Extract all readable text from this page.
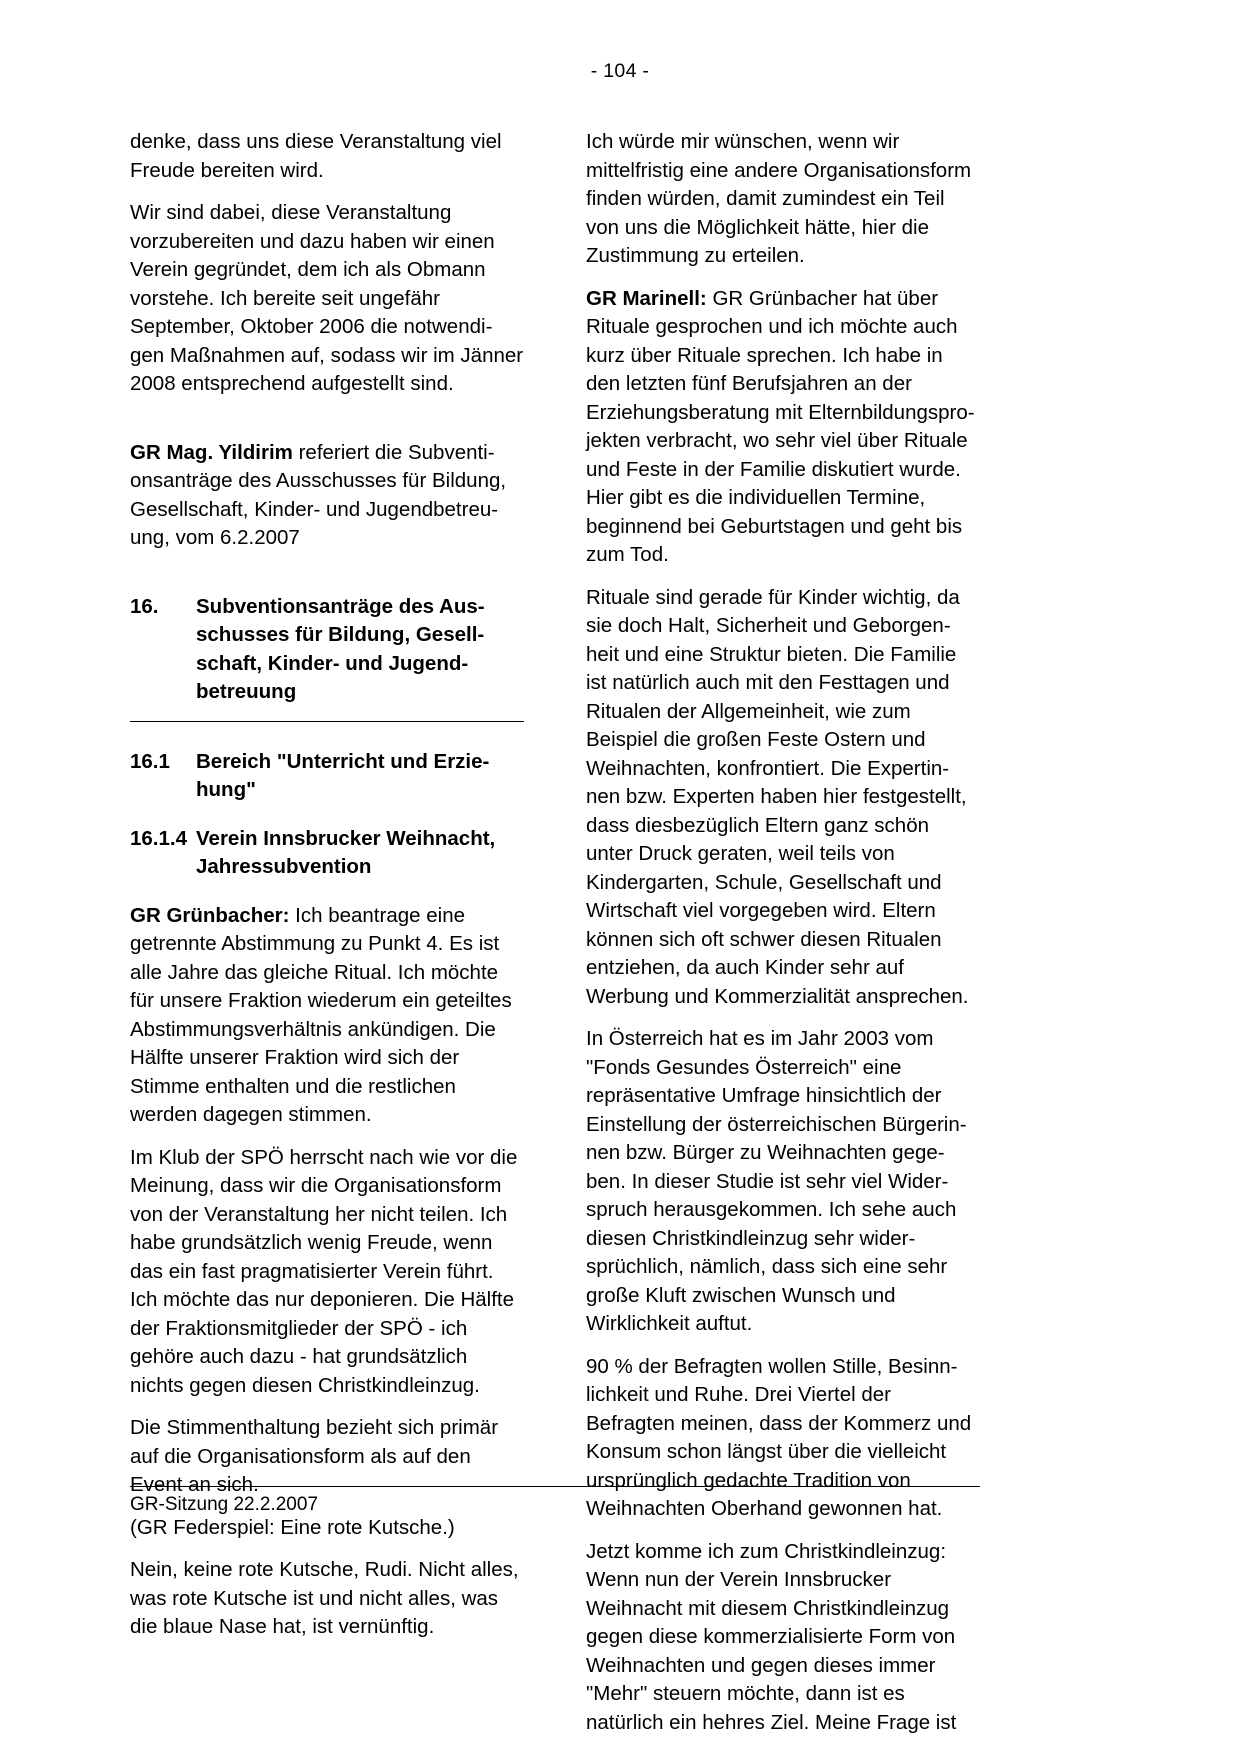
- 104 -

denke, dass uns diese Veranstaltung viel Freude bereiten wird.

Wir sind dabei, diese Veranstaltung vorzubereiten und dazu haben wir einen Verein gegründet, dem ich als Obmann vorstehe. Ich bereite seit ungefähr September, Oktober 2006 die notwendi-gen Maßnahmen auf, sodass wir im Jänner 2008 entsprechend aufgestellt sind.

GR Mag. Yildirim referiert die Subventi-onsanträge des Ausschusses für Bildung, Gesellschaft, Kinder- und Jugendbetreu-ung, vom 6.2.2007

16.	Subventionsanträge des Aus-schusses für Bildung, Gesell-schaft, Kinder- und Jugend-betreuung
16.1	Bereich "Unterricht und Erzie-hung"
16.1.4 Verein Innsbrucker Weihnacht, Jahressubvention

GR Grünbacher: Ich beantrage eine getrennte Abstimmung zu Punkt 4. Es ist alle Jahre das gleiche Ritual. Ich möchte für unsere Fraktion wiederum ein geteiltes Abstimmungsverhältnis ankündigen. Die Hälfte unserer Fraktion wird sich der Stimme enthalten und die restlichen werden dagegen stimmen.

Im Klub der SPÖ herrscht nach wie vor die Meinung, dass wir die Organisationsform von der Veranstaltung her nicht teilen. Ich habe grundsätzlich wenig Freude, wenn das ein fast pragmatisierter Verein führt. Ich möchte das nur deponieren. Die Hälfte der Fraktionsmitglieder der SPÖ - ich gehöre auch dazu - hat grundsätzlich nichts gegen diesen Christkindleinzug.

Die Stimmenthaltung bezieht sich primär auf die Organisationsform als auf den Event an sich.

(GR Federspiel: Eine rote Kutsche.)

Nein, keine rote Kutsche, Rudi. Nicht alles, was rote Kutsche ist und nicht alles, was die blaue Nase hat, ist vernünftig.

Ich würde mir wünschen, wenn wir mittelfristig eine andere Organisationsform finden würden, damit zumindest ein Teil von uns die Möglichkeit hätte, hier die Zustimmung zu erteilen.

GR Marinell: GR Grünbacher hat über Rituale gesprochen und ich möchte auch kurz über Rituale sprechen. Ich habe in den letzten fünf Berufsjahren an der Erziehungsberatung mit Elternbildungspro-jekten verbracht, wo sehr viel über Rituale und Feste in der Familie diskutiert wurde. Hier gibt es die individuellen Termine, beginnend bei Geburtstagen und geht bis zum Tod.

Rituale sind gerade für Kinder wichtig, da sie doch Halt, Sicherheit und Geborgen-heit und eine Struktur bieten. Die Familie ist natürlich auch mit den Festtagen und Ritualen der Allgemeinheit, wie zum Beispiel die großen Feste Ostern und Weihnachten, konfrontiert. Die Expertin-nen bzw. Experten haben hier festgestellt, dass diesbezüglich Eltern ganz schön unter Druck geraten, weil teils von Kindergarten, Schule, Gesellschaft und Wirtschaft viel vorgegeben wird. Eltern können sich oft schwer diesen Ritualen entziehen, da auch Kinder sehr auf Werbung und Kommerzialität ansprechen.

In Österreich hat es im Jahr 2003 vom "Fonds Gesundes Österreich" eine repräsentative Umfrage hinsichtlich der Einstellung der österreichischen Bürgerin-nen bzw. Bürger zu Weihnachten gege-ben. In dieser Studie ist sehr viel Wider-spruch herausgekommen. Ich sehe auch diesen Christkindleinzug sehr wider-sprüchlich, nämlich, dass sich eine sehr große Kluft zwischen Wunsch und Wirklichkeit auftut.

90 % der Befragten wollen Stille, Besinn-lichkeit und Ruhe. Drei Viertel der Befragten meinen, dass der Kommerz und Konsum schon längst über die vielleicht ursprünglich gedachte Tradition von Weihnachten Oberhand gewonnen hat.

Jetzt komme ich zum Christkindleinzug: Wenn nun der Verein Innsbrucker Weihnacht mit diesem Christkindleinzug gegen diese kommerzialisierte Form von Weihnachten und gegen dieses immer "Mehr" steuern möchte, dann ist es natürlich ein hehres Ziel. Meine Frage ist

GR-Sitzung 22.2.2007
